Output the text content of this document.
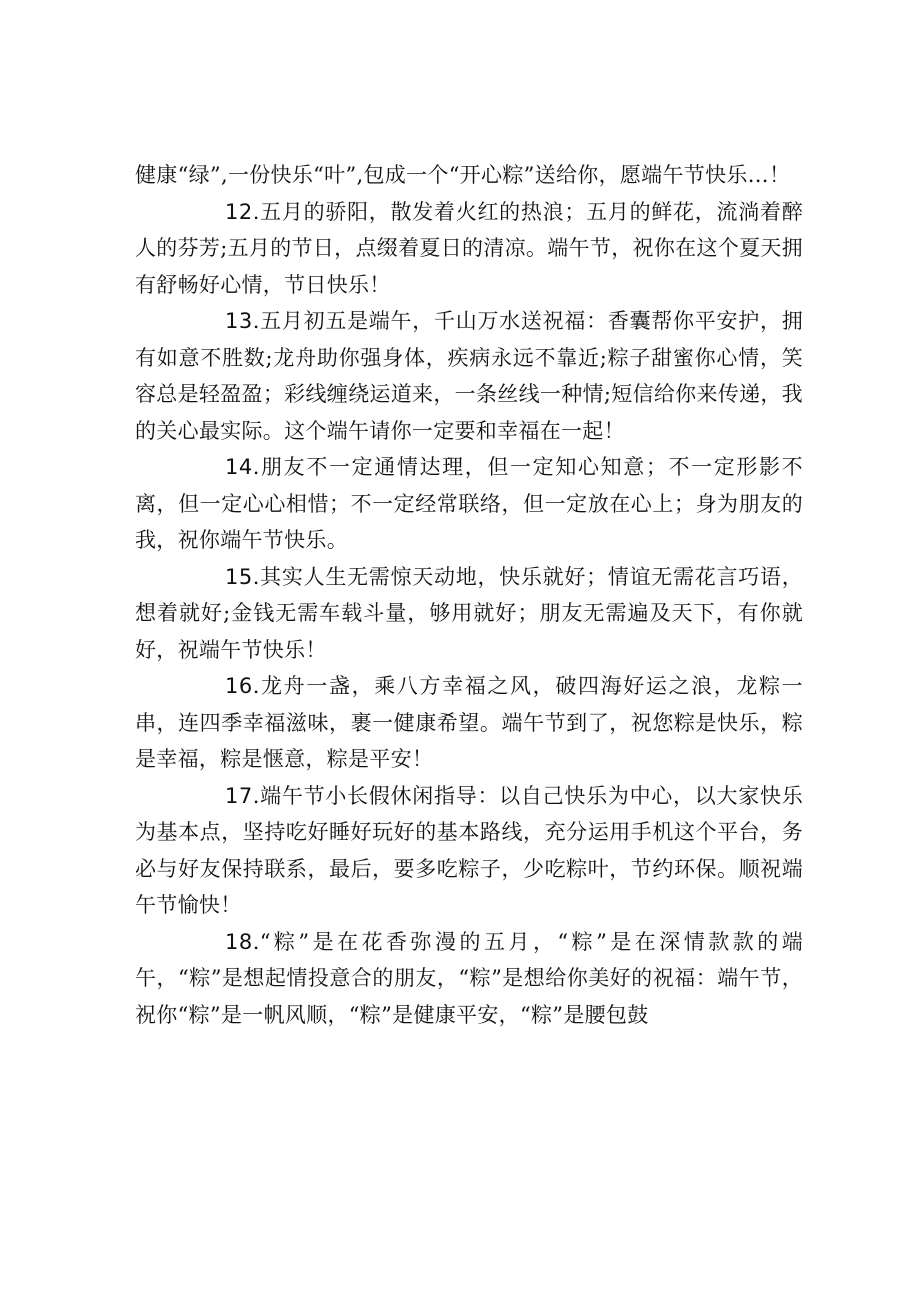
健康“绿”,一份快乐“叶”,包成一个“开心粽”送给你，愿端午节快乐…！

12.五月的骄阳，散发着火红的热浪；五月的鲜花，流淌着醉人的芬芳;五月的节日，点缀着夏日的清凉。端午节，祝你在这个夏天拥有舒畅好心情，节日快乐！

13.五月初五是端午，千山万水送祝福：香囊帮你平安护，拥有如意不胜数;龙舟助你强身体，疾病永远不靠近;粽子甜蜜你心情，笑容总是轻盈盈；彩线缠绕运道来，一条丝线一种情;短信给你来传递，我的关心最实际。这个端午请你一定要和幸福在一起！

14.朋友不一定通情达理，但一定知心知意；不一定形影不离，但一定心心相惜；不一定经常联络，但一定放在心上；身为朋友的我，祝你端午节快乐。

15.其实人生无需惊天动地，快乐就好；情谊无需花言巧语，想着就好;金钱无需车载斗量，够用就好；朋友无需遍及天下，有你就好，祝端午节快乐！

16.龙舟一盏，乘八方幸福之风，破四海好运之浪，龙粽一串，连四季幸福滋味，裹一健康希望。端午节到了，祝您粽是快乐，粽是幸福，粽是惬意，粽是平安！

17.端午节小长假休闲指导：以自己快乐为中心，以大家快乐为基本点，坚持吃好睡好玩好的基本路线，充分运用手机这个平台，务必与好友保持联系，最后，要多吃粽子，少吃粽叶，节约环保。顺祝端午节愉快！

18.“粽”是在花香弥漫的五月，“粽”是在深情款款的端午，“粽”是想起情投意合的朋友，“粽”是想给你美好的祝福：端午节，祝你“粽”是一帆风顺，“粽”是健康平安，“粽”是腰包鼓
